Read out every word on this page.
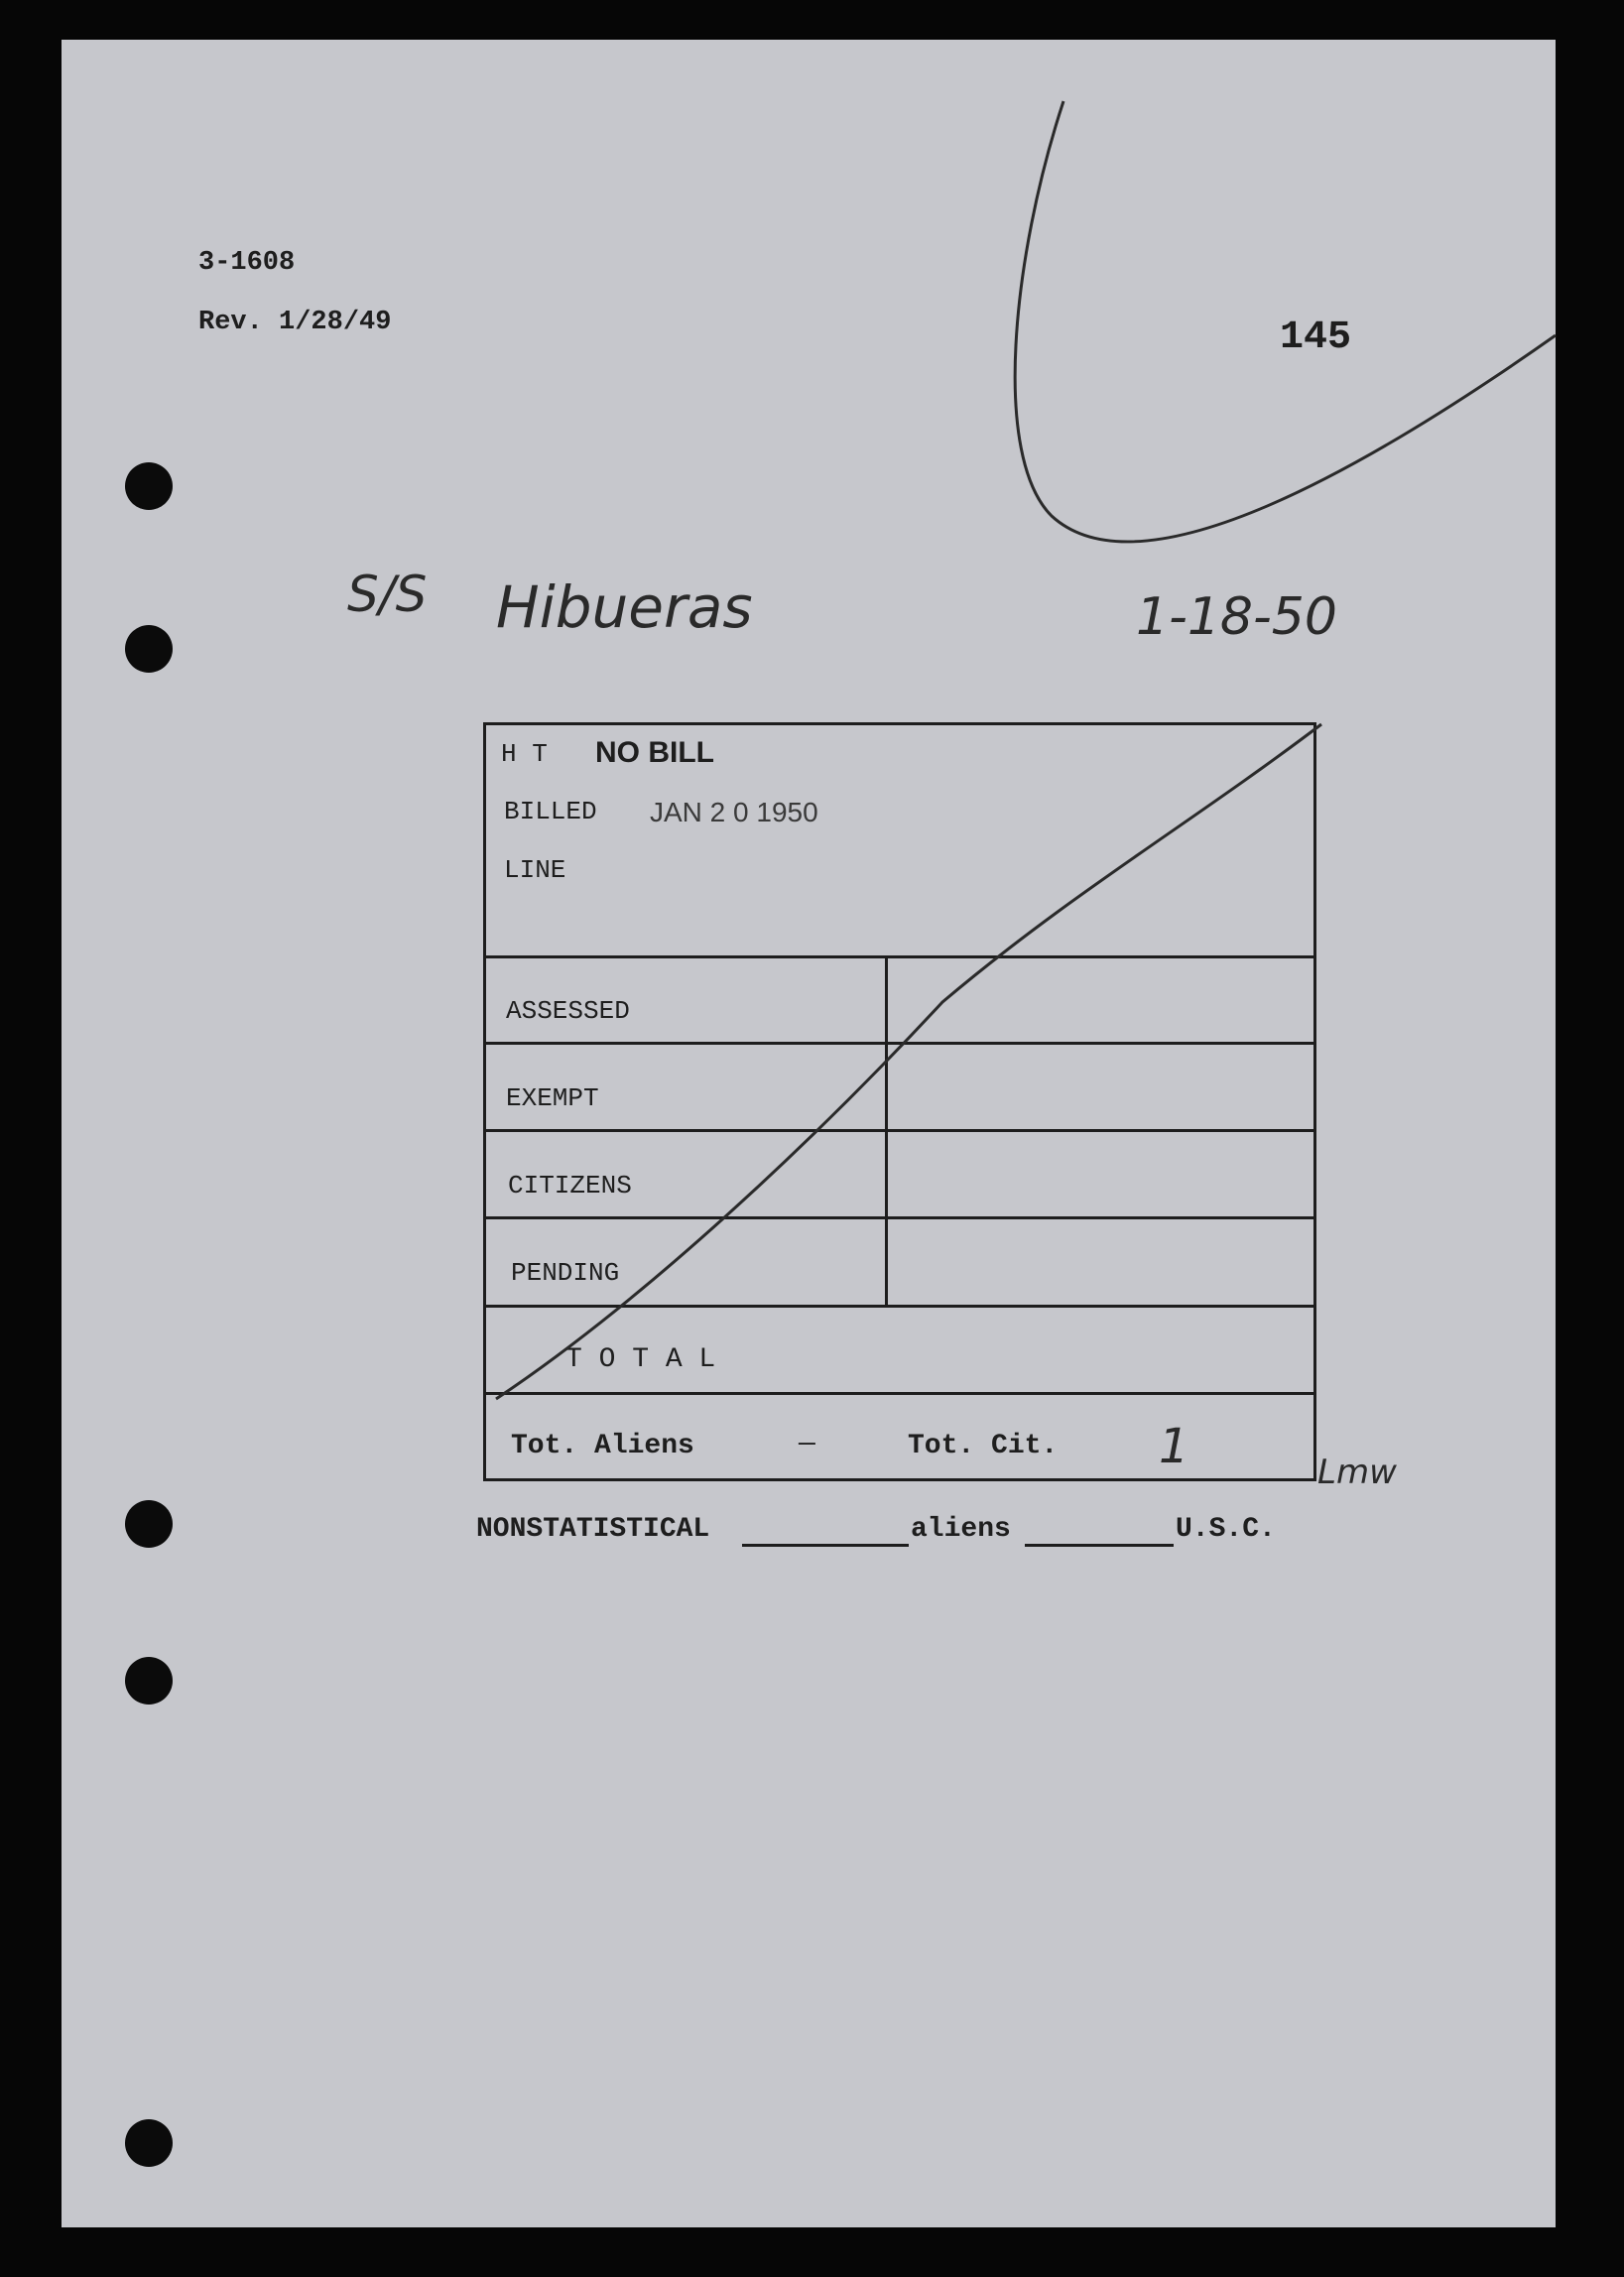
3-1608
Rev. 1/28/49	145
S/S Hibueras	1-18-50
H T NO BILL
BILLED JAN 2 0 1950
LINE
ASSESSED
EXEMPT
CITIZENS
PENDING
T O T A L
Tot. Aliens	—	Tot. Cit. 1	Lmw
NONSTATISTICAL	aliens	U.S.C.
